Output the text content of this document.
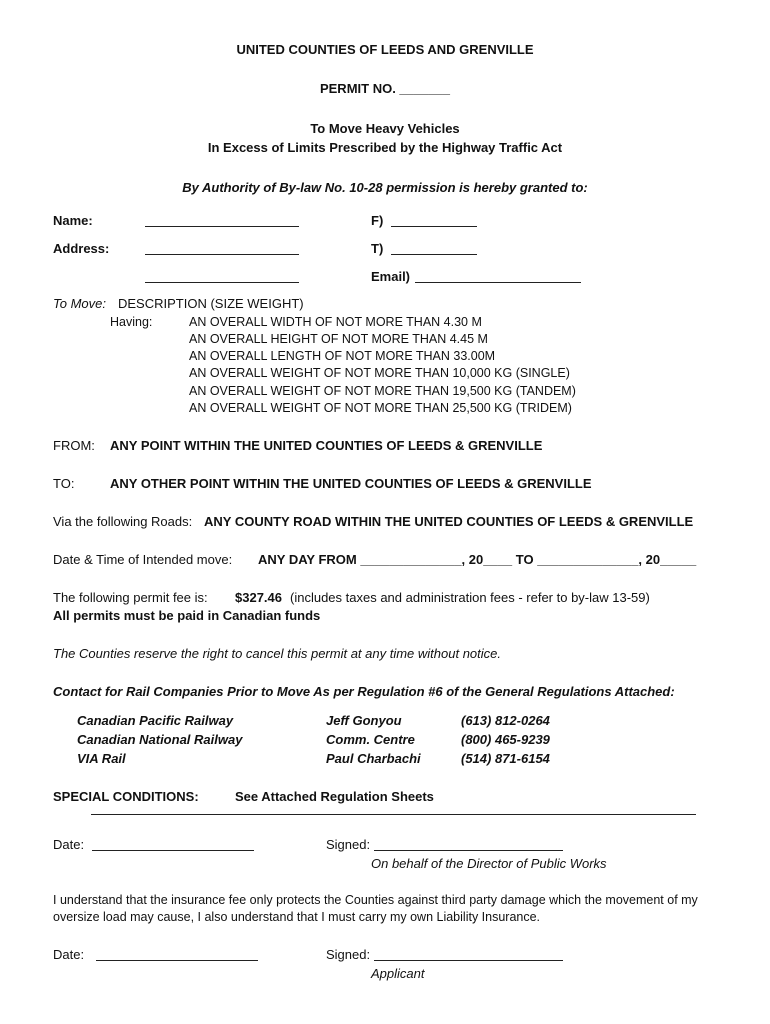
UNITED COUNTIES OF LEEDS AND GRENVILLE
PERMIT NO. _______
To Move Heavy Vehicles
In Excess of Limits Prescribed by the Highway Traffic Act
By Authority of By-law No. 10-28 permission is hereby granted to:
Name:	F)
Address:	T)
Email)
To Move: DESCRIPTION (SIZE WEIGHT)
Having:	AN OVERALL WIDTH OF NOT MORE THAN 4.30 M
AN OVERALL HEIGHT OF NOT MORE THAN 4.45 M
AN OVERALL LENGTH OF NOT MORE THAN 33.00M
AN OVERALL WEIGHT OF NOT MORE THAN 10,000 KG (SINGLE)
AN OVERALL WEIGHT OF NOT MORE THAN 19,500 KG (TANDEM)
AN OVERALL WEIGHT OF NOT MORE THAN 25,500 KG (TRIDEM)
FROM: ANY POINT WITHIN THE UNITED COUNTIES OF LEEDS & GRENVILLE
TO:	ANY OTHER POINT WITHIN THE UNITED COUNTIES OF LEEDS & GRENVILLE
Via the following Roads: ANY COUNTY ROAD WITHIN THE UNITED COUNTIES OF LEEDS & GRENVILLE
Date & Time of Intended move: ANY DAY FROM ______________, 20____ TO ______________, 20_____
The following permit fee is: $327.46 (includes taxes and administration fees - refer to by-law 13-59)
All permits must be paid in Canadian funds
The Counties reserve the right to cancel this permit at any time without notice.
Contact for Rail Companies Prior to Move As per Regulation #6 of the General Regulations Attached:
Canadian Pacific Railway	Jeff Gonyou	(613) 812-0264
Canadian National Railway	Comm. Centre	(800) 465-9239
VIA Rail	Paul Charbachi	(514) 871-6154
SPECIAL CONDITIONS:	See Attached Regulation Sheets
Date:	Signed:
On behalf of the Director of Public Works
I understand that the insurance fee only protects the Counties against third party damage which the movement of my
oversize load may cause, I also understand that I must carry my own Liability Insurance.
Date:	Signed:
Applicant
